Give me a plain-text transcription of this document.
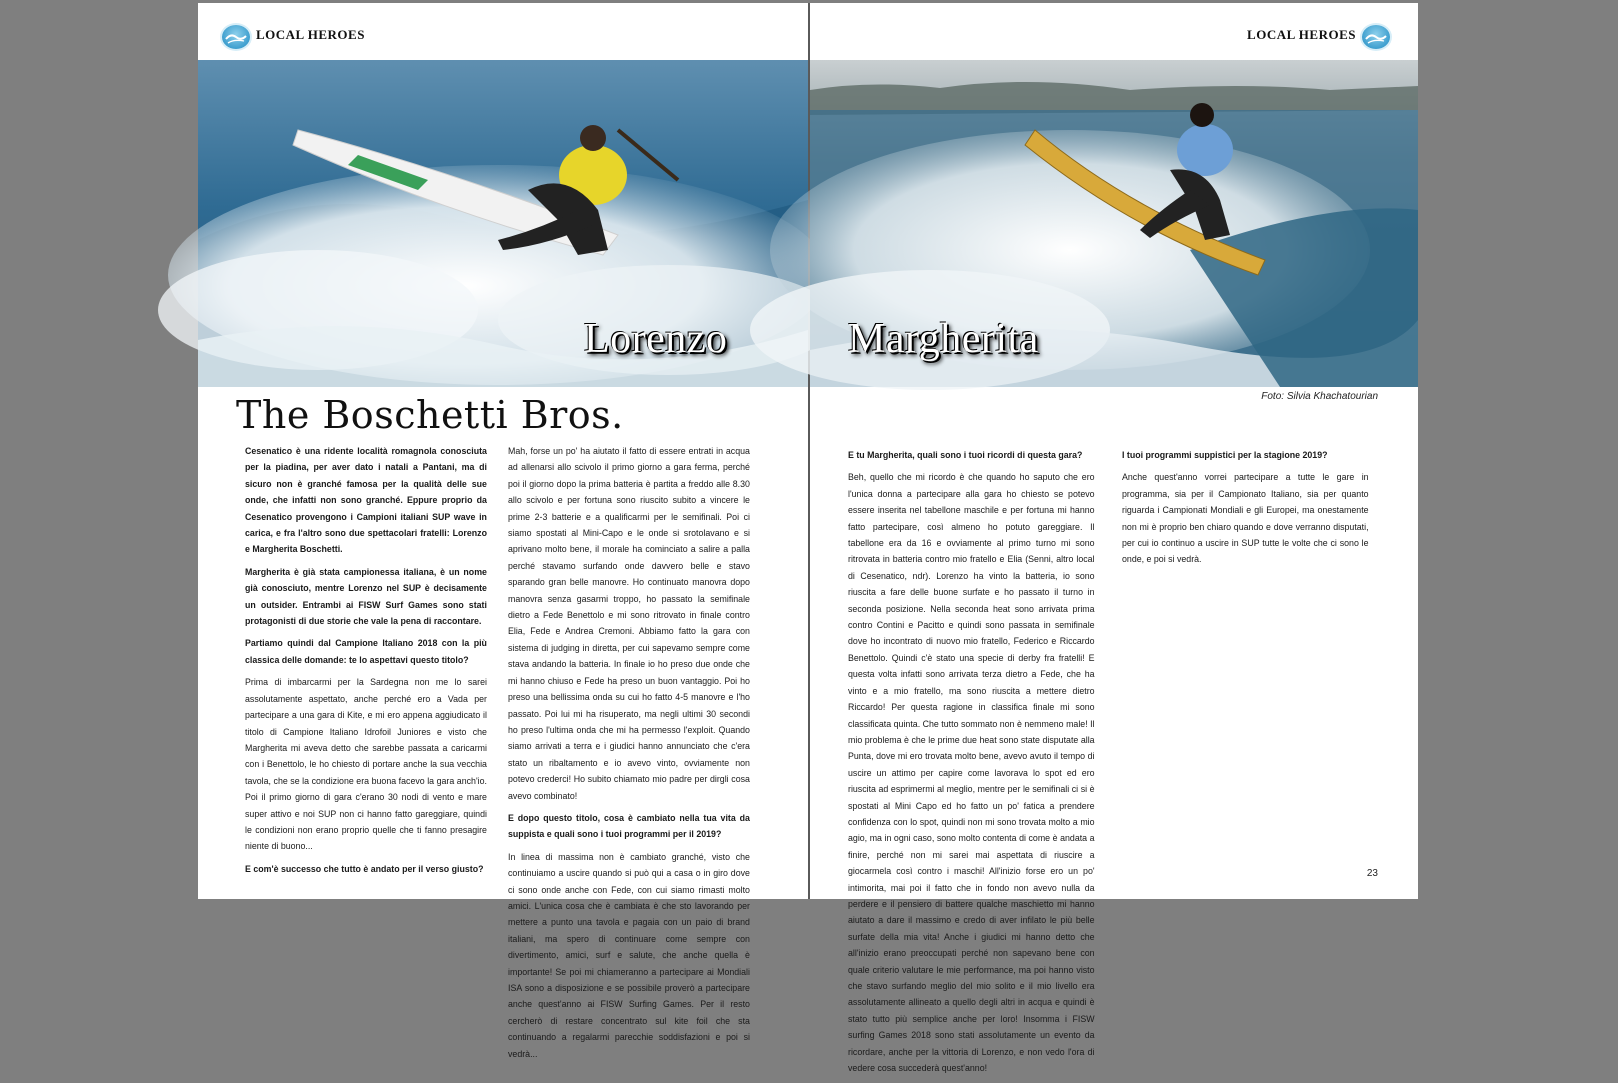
LOCAL HEROES
Lorenzo
The Boschetti Bros.

Cesenatico è una ridente località romagnola conosciuta per la piadina, per aver dato i natali a Pantani, ma di sicuro non è granché famosa per la qualità delle sue onde, che infatti non sono granché. Eppure proprio da Cesenatico provengono i Campioni italiani SUP wave in carica, e fra l'altro sono due spettacolari fratelli: Lorenzo e Margherita Boschetti.

Margherita è già stata campionessa italiana, è un nome già conosciuto, mentre Lorenzo nel SUP è decisamente un outsider. Entrambi ai FISW Surf Games sono stati protagonisti di due storie che vale la pena di raccontare.

Partiamo quindi dal Campione Italiano 2018 con la più classica delle domande: te lo aspettavi questo titolo?

Prima di imbarcarmi per la Sardegna non me lo sarei assolutamente aspettato, anche perché ero a Vada per partecipare a una gara di Kite, e mi ero appena aggiudicato il titolo di Campione Italiano Idrofoil Juniores e visto che Margherita mi aveva detto che sarebbe passata a caricarmi con i Benettolo, le ho chiesto di portare anche la sua vecchia tavola, che se la condizione era buona facevo la gara anch'io. Poi il primo giorno di gara c'erano 30 nodi di vento e mare super attivo e noi SUP non ci hanno fatto gareggiare, quindi le condizioni non erano proprio quelle che ti fanno presagire niente di buono...

E com'è successo che tutto è andato per il verso giusto?

Mah, forse un po' ha aiutato il fatto di essere entrati in acqua ad allenarsi allo scivolo il primo giorno a gara ferma, perché poi il giorno dopo la prima batteria è partita a freddo alle 8.30 allo scivolo e per fortuna sono riuscito subito a vincere le prime 2-3 batterie e a qualificarmi per le semifinali. Poi ci siamo spostati al Mini-Capo e le onde si srotolavano e si aprivano molto bene, il morale ha cominciato a salire a palla perché stavamo surfando onde davvero belle e stavo sparando gran belle manovre. Ho continuato manovra dopo manovra senza gasarmi troppo, ho passato la semifinale dietro a Fede Benettolo e mi sono ritrovato in finale contro Elia, Fede e Andrea Cremoni. Abbiamo fatto la gara con sistema di judging in diretta, per cui sapevamo sempre come stava andando la batteria. In finale io ho preso due onde che mi hanno chiuso e Fede ha preso un buon vantaggio. Poi ho preso una bellissima onda su cui ho fatto 4-5 manovre e l'ho passato. Poi lui mi ha risuperato, ma negli ultimi 30 secondi ho preso l'ultima onda che mi ha permesso l'exploit. Quando siamo arrivati a terra e i giudici hanno annunciato che c'era stato un ribaltamento e io avevo vinto, ovviamente non potevo crederci! Ho subito chiamato mio padre per dirgli cosa avevo combinato!

E dopo questo titolo, cosa è cambiato nella tua vita da suppista e quali sono i tuoi programmi per il 2019?

In linea di massima non è cambiato granché, visto che continuiamo a uscire quando si può qui a casa o in giro dove ci sono onde anche con Fede, con cui siamo rimasti molto amici. L'unica cosa che è cambiata è che sto lavorando per mettere a punto una tavola e pagaia con un paio di brand italiani, ma spero di continuare come sempre con divertimento, amici, surf e salute, che anche quella è importante! Se poi mi chiameranno a partecipare ai Mondiali ISA sono a disposizione e se possibile proverò a partecipare anche quest'anno ai FISW Surfing Games. Per il resto cercherò di restare concentrato sul kite foil che sta continuando a regalarmi parecchie soddisfazioni e poi si vedrà...

LOCAL HEROES
Margherita
Foto: Silvia Khachatourian

E tu Margherita, quali sono i tuoi ricordi di questa gara?

Beh, quello che mi ricordo è che quando ho saputo che ero l'unica donna a partecipare alla gara ho chiesto se potevo essere inserita nel tabellone maschile e per fortuna mi hanno fatto partecipare, così almeno ho potuto gareggiare. Il tabellone era da 16 e ovviamente al primo turno mi sono ritrovata in batteria contro mio fratello e Elia (Senni, altro local di Cesenatico, ndr). Lorenzo ha vinto la batteria, io sono riuscita a fare delle buone surfate e ho passato il turno in seconda posizione. Nella seconda heat sono arrivata prima contro Contini e Pacitto e quindi sono passata in semifinale dove ho incontrato di nuovo mio fratello, Federico e Riccardo Benettolo. Quindi c'è stato una specie di derby fra fratelli! E questa volta infatti sono arrivata terza dietro a Fede, che ha vinto e a mio fratello, ma sono riuscita a mettere dietro Riccardo! Per questa ragione in classifica finale mi sono classificata quinta. Che tutto sommato non è nemmeno male! Il mio problema è che le prime due heat sono state disputate alla Punta, dove mi ero trovata molto bene, avevo avuto il tempo di uscire un attimo per capire come lavorava lo spot ed ero riuscita ad esprimermi al meglio, mentre per le semifinali ci si è spostati al Mini Capo ed ho fatto un po' fatica a prendere confidenza con lo spot, quindi non mi sono trovata molto a mio agio, ma in ogni caso, sono molto contenta di come è andata a finire, perché non mi sarei mai aspettata di riuscire a giocarmela così contro i maschi! All'inizio forse ero un po' intimorita, mai poi il fatto che in fondo non avevo nulla da perdere e il pensiero di battere qualche maschietto mi hanno aiutato a dare il massimo e credo di aver infilato le più belle surfate della mia vita! Anche i giudici mi hanno detto che all'inizio erano preoccupati perché non sapevano bene con quale criterio valutare le mie performance, ma poi hanno visto che stavo surfando meglio del mio solito e il mio livello era assolutamente allineato a quello degli altri in acqua e quindi è stato tutto più semplice anche per loro! Insomma i FISW surfing Games 2018 sono stati assolutamente un evento da ricordare, anche per la vittoria di Lorenzo, e non vedo l'ora di vedere cosa succederà quest'anno!

I tuoi programmi suppistici per la stagione 2019?

Anche quest'anno vorrei partecipare a tutte le gare in programma, sia per il Campionato Italiano, sia per quanto riguarda i Campionati Mondiali e gli Europei, ma onestamente non mi è proprio ben chiaro quando e dove verranno disputati, per cui io continuo a uscire in SUP tutte le volte che ci sono le onde, e poi si vedrà.

23
